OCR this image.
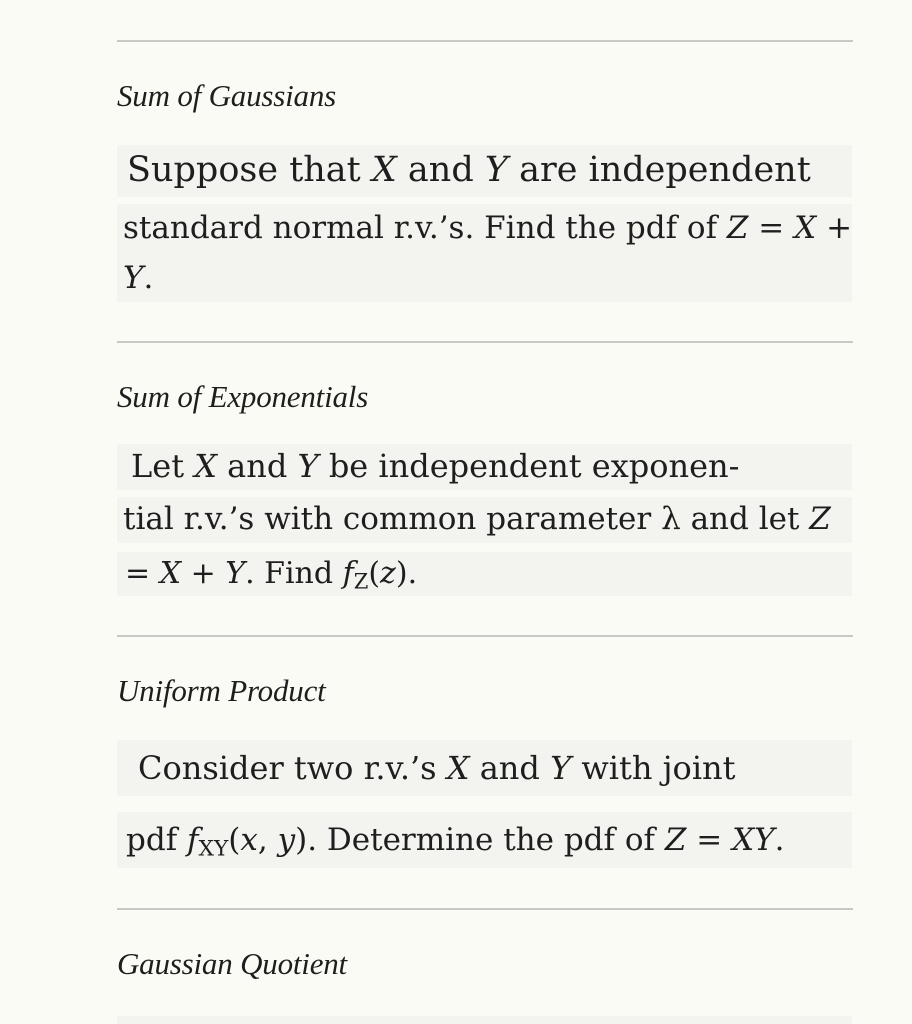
Sum of Gaussians
Suppose that X and Y are independent
standard normal r.v.’s. Find the pdf of Z = X +
Y.
Sum of Exponentials
Let X and Y be independent exponen-
tial r.v.’s with common parameter λ and let Z
= X + Y. Find $f_Z(z)$.
Uniform Product
Consider two r.v.’s X and Y with joint
pdf $f_{XY}(x$, y). Determine the pdf of Z = XY.
Gaussian Quotient
